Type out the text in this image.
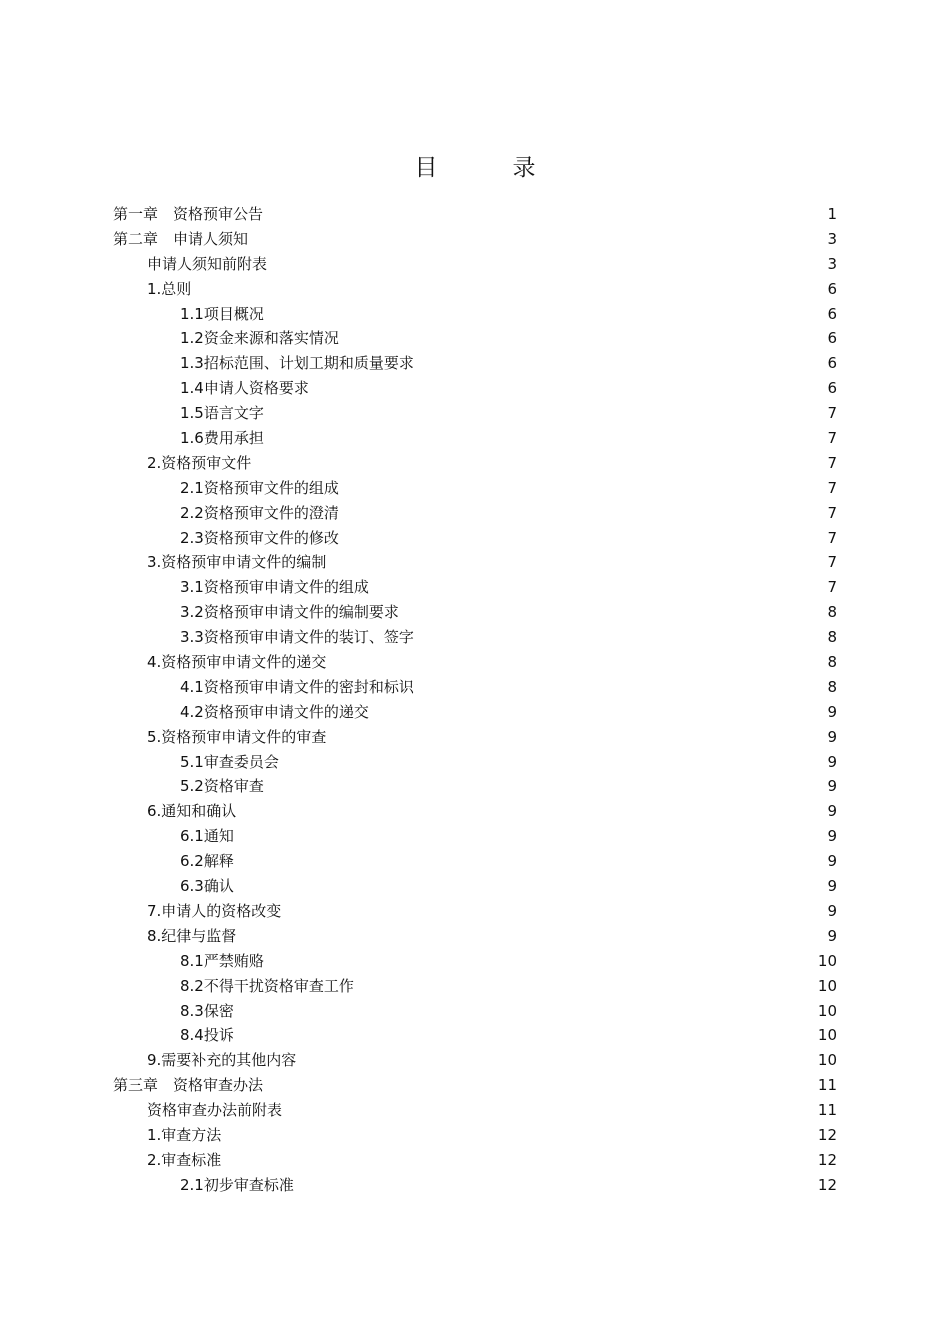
目　录
第一章　资格预审公告	1
第二章　申请人须知	3
申请人须知前附表	3
1.总则	6
1.1项目概况	6
1.2资金来源和落实情况	6
1.3招标范围、计划工期和质量要求	6
1.4申请人资格要求	6
1.5语言文字	7
1.6费用承担	7
2.资格预审文件	7
2.1资格预审文件的组成	7
2.2资格预审文件的澄清	7
2.3资格预审文件的修改	7
3.资格预审申请文件的编制	7
3.1资格预审申请文件的组成	7
3.2资格预审申请文件的编制要求	8
3.3资格预审申请文件的装订、签字	8
4.资格预审申请文件的递交	8
4.1资格预审申请文件的密封和标识	8
4.2资格预审申请文件的递交	9
5.资格预审申请文件的审查	9
5.1审查委员会	9
5.2资格审查	9
6.通知和确认	9
6.1通知	9
6.2解释	9
6.3确认	9
7.申请人的资格改变	9
8.纪律与监督	9
8.1严禁贿赂	10
8.2不得干扰资格审查工作	10
8.3保密	10
8.4投诉	10
9.需要补充的其他内容	10
第三章　资格审查办法	11
资格审查办法前附表	11
1.审查方法	12
2.审查标准	12
2.1初步审查标准	12
